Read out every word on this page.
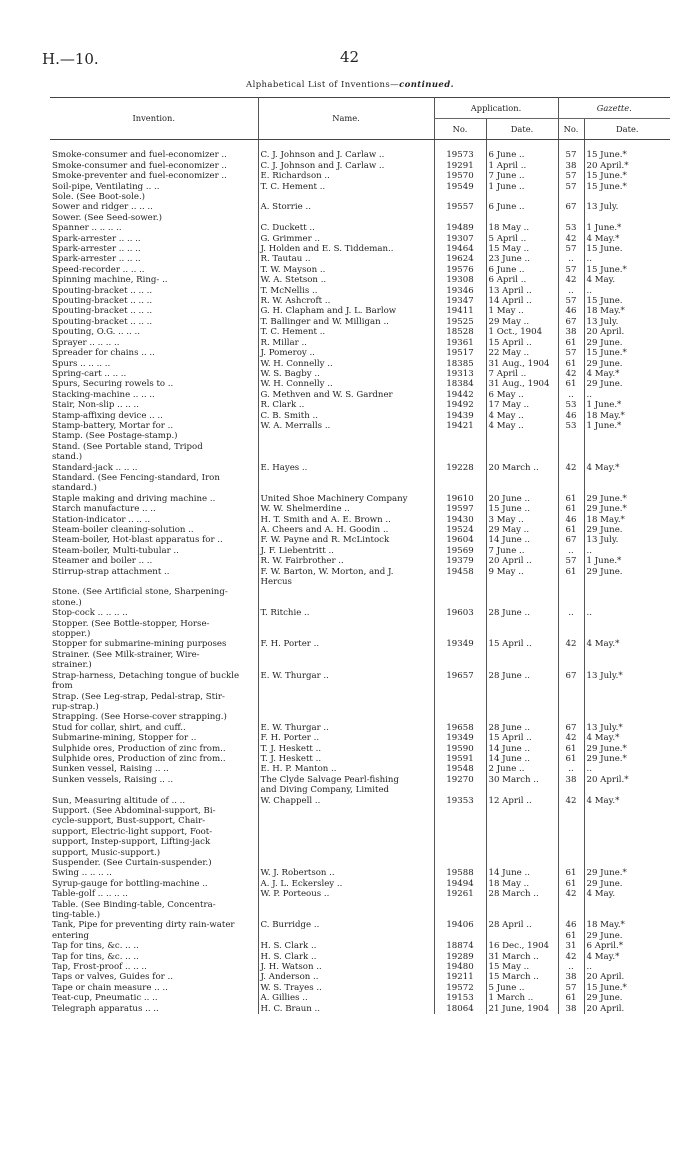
H.—10.	42
Alphabetical List of Inventions—continued.
Invention.	Name.	Application.		Gazette.	
		No.	Date.	No.	Date.

Smoke-consumer and fuel-economizer ..	C. J. Johnson and J. Carlaw ..	19573	6 June ..	57	15 June.*
Smoke-consumer and fuel-economizer ..	C. J. Johnson and J. Carlaw ..	19291	1 April ..	38	20 April.*
Smoke-preventer and fuel-economizer ..	E. Richardson ..	19570	7 June ..	57	15 June.*
Soil-pipe, Ventilating .. ..	T. C. Hement ..	19549	1 June ..	57	15 June.*
Sole. (See Boot-sole.)					
Sower and ridger .. .. ..	A. Storrie ..	19557	6 June ..	67	13 July.
Sower. (See Seed-sower.)					
Spanner .. .. .. ..	C. Duckett ..	19489	18 May ..	53	1 June.*
Spark-arrester .. .. ..	G. Grimmer ..	19307	5 April ..	42	4 May.*
Spark-arrester .. .. ..	J. Holden and E. S. Tiddeman..	19464	15 May ..	57	15 June.
Spark-arrester .. .. ..	R. Tautau ..	19624	23 June ..	..	..
Speed-recorder .. .. ..	T. W. Mayson ..	19576	6 June ..	57	15 June.*
Spinning machine, Ring- ..	W. A. Stetson ..	19308	6 April ..	42	4 May.
Spouting-bracket .. .. ..	T. McNellis ..	19346	13 April ..	..	..
Spouting-bracket .. .. ..	R. W. Ashcroft ..	19347	14 April ..	57	15 June.
Spouting-bracket .. .. ..	G. H. Clapham and J. L. Barlow	19411	1 May ..	46	18 May.*
Spouting-bracket .. .. ..	T. Ballinger and W. Milligan ..	19525	29 May ..	67	13 July.
Spouting, O.G. .. .. ..	T. C. Hement ..	18528	1 Oct., 1904	38	20 April.
Sprayer .. .. .. ..	R. Millar ..	19361	15 April ..	61	29 June.
Spreader for chains .. ..	J. Pomeroy ..	19517	22 May ..	57	15 June.*
Spurs .. .. .. ..	W. H. Connelly ..	18385	31 Aug., 1904	61	29 June.
Spring-cart .. .. ..	W. S. Bagby ..	19313	7 April ..	42	4 May.*
Spurs, Securing rowels to ..	W. H. Connelly ..	18384	31 Aug., 1904	61	29 June.
Stacking-machine .. .. ..	G. Methven and W. S. Gardner	19442	6 May ..	..	..
Stair, Non-slip .. .. ..	R. Clark ..	19492	17 May ..	53	1 June.*
Stamp-affixing device .. ..	C. B. Smith ..	19439	4 May ..	46	18 May.*
Stamp-battery, Mortar for ..	W. A. Merralls ..	19421	4 May ..	53	1 June.*
Stamp. (See Postage-stamp.)					
Stand. (See Portable stand, Tripod					
stand.)					
Standard-jack .. .. ..	E. Hayes ..	19228	20 March ..	42	4 May.*
Standard. (See Fencing-standard, Iron					
standard.)					
Staple making and driving machine ..	United Shoe Machinery Company	19610	20 June ..	61	29 June.*
Starch manufacture .. ..	W. W. Shelmerdine ..	19597	15 June ..	61	29 June.*
Station-indicator .. .. ..	H. T. Smith and A. E. Brown ..	19430	3 May ..	46	18 May.*
Steam-boiler cleaning-solution ..	A. Cheers and A. H. Goodin ..	19524	29 May ..	61	29 June.
Steam-boiler, Hot-blast apparatus for ..	F. W. Payne and R. McLintock	19604	14 June ..	67	13 July.
Steam-boiler, Multi-tubular ..	J. F. Liebentritt ..	19569	7 June ..	..	..
Steamer and boiler .. ..	R. W. Fairbrother ..	19379	20 April ..	57	1 June.*
Stirrup-strap attachment ..	F. W. Barton, W. Morton, and J.	19458	9 May ..	61	29 June.
	Hercus				

Stone. (See Artificial stone, Sharpening-					
stone.)					
Stop-cock .. .. .. ..	T. Ritchie ..	19603	28 June ..	..	..
Stopper. (See Bottle-stopper, Horse-					
stopper.)					
Stopper for submarine-mining purposes	F. H. Porter ..	19349	15 April ..	42	4 May.*
Strainer. (See Milk-strainer, Wire-					
strainer.)					
Strap-harness, Detaching tongue of buckle	E. W. Thurgar ..	19657	28 June ..	67	13 July.*
from					
Strap. (See Leg-strap, Pedal-strap, Stir-					
rup-strap.)					
Strapping. (See Horse-cover strapping.)					
Stud for collar, shirt, and cuff..	E. W. Thurgar ..	19658	28 June ..	67	13 July.*
Submarine-mining, Stopper for ..	F. H. Porter ..	19349	15 April ..	42	4 May.*
Sulphide ores, Production of zinc from..	T. J. Heskett ..	19590	14 June ..	61	29 June.*
Sulphide ores, Production of zinc from..	T. J. Heskett ..	19591	14 June ..	61	29 June.*
Sunken vessel, Raising .. ..	E. H. P. Manton ..	19548	2 June ..	..	..
Sunken vessels, Raising .. ..	The Clyde Salvage Pearl-fishing	19270	30 March ..	38	20 April.*
	and Diving Company, Limited				
Sun, Measuring altitude of .. ..	W. Chappell ..	19353	12 April ..	42	4 May.*
Support. (See Abdominal-support, Bi-					
cycle-support, Bust-support, Chair-					
support, Electric-light support, Foot-					
support, Instep-support, Lifting-jack					
support, Music-support.)					
Suspender. (See Curtain-suspender.)					
Swing .. .. .. ..	W. J. Robertson ..	19588	14 June ..	61	29 June.*
Syrup-gauge for bottling-machine ..	A. J. L. Eckersley ..	19494	18 May ..	61	29 June.

Table-golf .. .. .. ..	W. P. Porteous ..	19261	28 March ..	42	4 May.
Table. (See Binding-table, Concentra-					
ting-table.)					
Tank, Pipe for preventing dirty rain-water	C. Burridge ..	19406	28 April ..	46	18 May.*
entering				61	29 June.
Tap for tins, &c. .. ..	H. S. Clark ..	18874	16 Dec., 1904	31	6 April.*
Tap for tins, &c. .. ..	H. S. Clark ..	19289	31 March ..	42	4 May.*
Tap, Frost-proof .. .. ..	J. H. Watson ..	19480	15 May ..	..	..
Taps or valves, Guides for ..	J. Anderson ..	19211	15 March ..	38	20 April.
Tape or chain measure .. ..	W. S. Trayes ..	19572	5 June ..	57	15 June.*
Teat-cup, Pneumatic .. ..	A. Gillies ..	19153	1 March ..	61	29 June.
Telegraph apparatus .. ..	H. C. Braun ..	18064	21 June, 1904	38	20 April.
